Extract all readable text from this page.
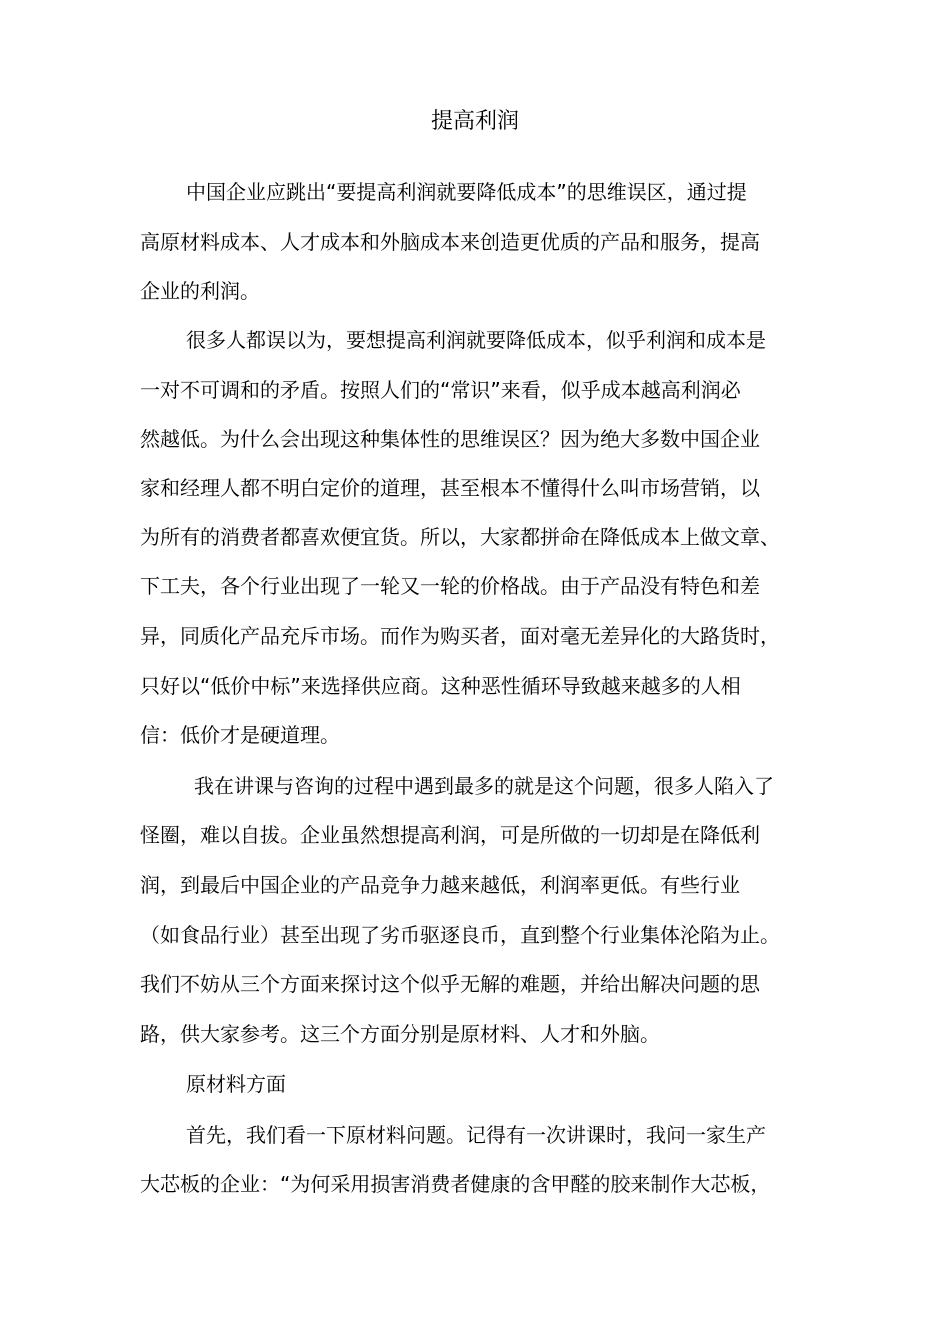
提高利润
中国企业应跳出“要提高利润就要降低成本”的思维误区，通过提
高原材料成本、人才成本和外脑成本来创造更优质的产品和服务，提高
企业的利润。
很多人都误以为，要想提高利润就要降低成本，似乎利润和成本是
一对不可调和的矛盾。按照人们的“常识”来看，似乎成本越高利润必
然越低。为什么会出现这种集体性的思维误区？因为绝大多数中国企业
家和经理人都不明白定价的道理，甚至根本不懂得什么叫市场营销，以
为所有的消费者都喜欢便宜货。所以，大家都拼命在降低成本上做文章、
下工夫，各个行业出现了一轮又一轮的价格战。由于产品没有特色和差
异，同质化产品充斥市场。而作为购买者，面对毫无差异化的大路货时，
只好以“低价中标”来选择供应商。这种恶性循环导致越来越多的人相
信：低价才是硬道理。
我在讲课与咨询的过程中遇到最多的就是这个问题，很多人陷入了
怪圈，难以自拔。企业虽然想提高利润，可是所做的一切却是在降低利
润，到最后中国企业的产品竞争力越来越低，利润率更低。有些行业
（如食品行业）甚至出现了劣币驱逐良币，直到整个行业集体沦陷为止。
我们不妨从三个方面来探讨这个似乎无解的难题，并给出解决问题的思
路，供大家参考。这三个方面分别是原材料、人才和外脑。
原材料方面
首先，我们看一下原材料问题。记得有一次讲课时，我问一家生产
大芯板的企业：“为何采用损害消费者健康的含甲醛的胶来制作大芯板，
